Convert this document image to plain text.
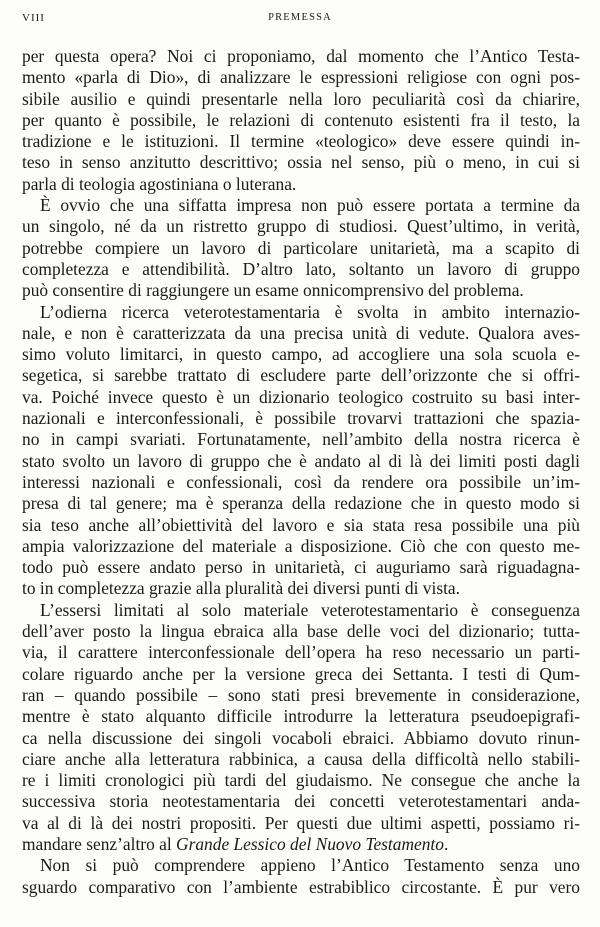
VIII	PREMESSA
per questa opera? Noi ci proponiamo, dal momento che l’Antico Testa-
mento «parla di Dio», di analizzare le espressioni religiose con ogni pos-
sibile ausilio e quindi presentarle nella loro peculiarità così da chiarire,
per quanto è possibile, le relazioni di contenuto esistenti fra il testo, la
tradizione e le istituzioni. Il termine «teologico» deve essere quindi in-
teso in senso anzitutto descrittivo; ossia nel senso, più o meno, in cui si
parla di teologia agostiniana o luterana.
È ovvio che una siffatta impresa non può essere portata a termine da
un singolo, né da un ristretto gruppo di studiosi. Quest’ultimo, in verità,
potrebbe compiere un lavoro di particolare unitarietà, ma a scapito di
completezza e attendibilità. D’altro lato, soltanto un lavoro di gruppo
può consentire di raggiungere un esame onnicomprensivo del problema.
L’odierna ricerca veterotestamentaria è svolta in ambito internazio-
nale, e non è caratterizzata da una precisa unità di vedute. Qualora aves-
simo voluto limitarci, in questo campo, ad accogliere una sola scuola e-
segetica, si sarebbe trattato di escludere parte dell’orizzonte che si offri-
va. Poiché invece questo è un dizionario teologico costruito su basi inter-
nazionali e interconfessionali, è possibile trovarvi trattazioni che spazia-
no in campi svariati. Fortunatamente, nell’ambito della nostra ricerca è
stato svolto un lavoro di gruppo che è andato al di là dei limiti posti dagli
interessi nazionali e confessionali, così da rendere ora possibile un’im-
presa di tal genere; ma è speranza della redazione che in questo modo si
sia teso anche all’obiettività del lavoro e sia stata resa possibile una più
ampia valorizzazione del materiale a disposizione. Ciò che con questo me-
todo può essere andato perso in unitarietà, ci auguriamo sarà riguadagna-
to in completezza grazie alla pluralità dei diversi punti di vista.
L’essersi limitati al solo materiale veterotestamentario è conseguenza
dell’aver posto la lingua ebraica alla base delle voci del dizionario; tutta-
via, il carattere interconfessionale dell’opera ha reso necessario un parti-
colare riguardo anche per la versione greca dei Settanta. I testi di Qum-
ran – quando possibile – sono stati presi brevemente in considerazione,
mentre è stato alquanto difficile introdurre la letteratura pseudoepigrafi-
ca nella discussione dei singoli vocaboli ebraici. Abbiamo dovuto rinun-
ciare anche alla letteratura rabbinica, a causa della difficoltà nello stabili-
re i limiti cronologici più tardi del giudaismo. Ne consegue che anche la
successiva storia neotestamentaria dei concetti veterotestamentari anda-
va al di là dei nostri propositi. Per questi due ultimi aspetti, possiamo ri-
mandare senz’altro al Grande Lessico del Nuovo Testamento.
Non si può comprendere appieno l’Antico Testamento senza uno
sguardo comparativo con l’ambiente estrabiblico circostante. È pur vero
